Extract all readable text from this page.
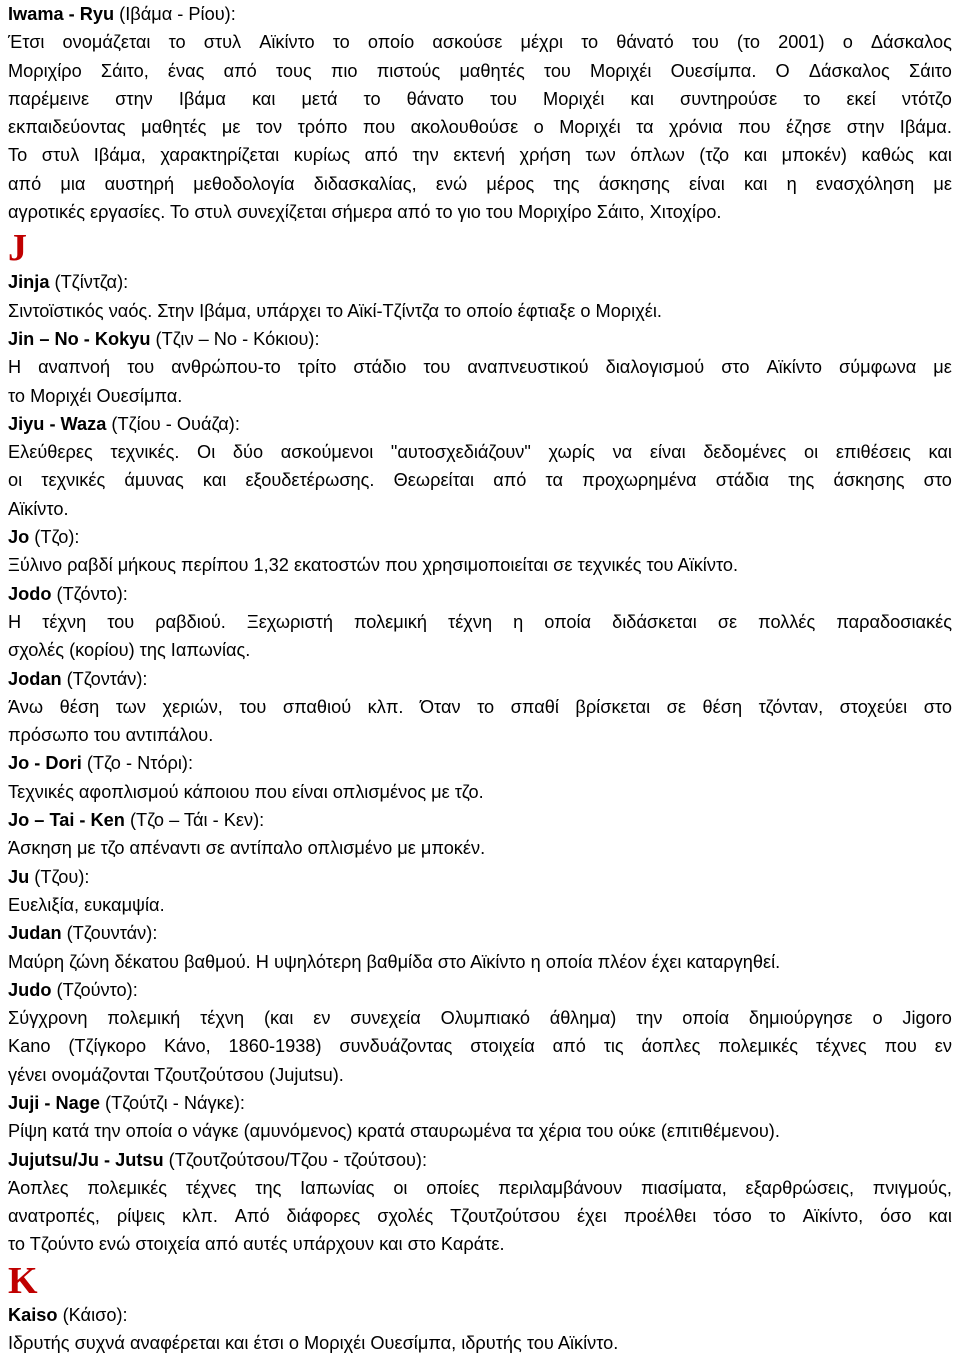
Iwama - Ryu (Ιβάμα - Ρίου):
Έτσι ονομάζεται το στυλ Αϊκίντο το οποίο ασκούσε μέχρι το θάνατό του (το 2001) ο Δάσκαλος
Μοριχίρο Σάιτο, ένας από τους πιο πιστούς μαθητές του Μοριχέι Ουεσίμπα. Ο Δάσκαλος Σάιτο
παρέμεινε στην Ιβάμα και μετά το θάνατο του Μοριχέι και συντηρούσε το εκεί ντότζο
εκπαιδεύοντας μαθητές με τον τρόπο που ακολουθούσε ο Μοριχέι τα χρόνια που έζησε στην Ιβάμα.
Το στυλ Ιβάμα, χαρακτηρίζεται κυρίως από την εκτενή χρήση των όπλων (τζο και μποκέν) καθώς και
από μια αυστηρή μεθοδολογία διδασκαλίας, ενώ μέρος της άσκησης είναι και η ενασχόληση με
αγροτικές εργασίες. Το στυλ συνεχίζεται σήμερα από το γιο του Μοριχίρο Σάιτο, Χιτοχίρο.
J
Jinja (Τζίντζα):
Σιντοϊστικός ναός. Στην Ιβάμα, υπάρχει το Αϊκί-Τζίντζα το οποίο έφτιαξε ο Μοριχέι.
Jin – No - Kokyu (Τζιν – Νο - Κόκιου):
Η αναπνοή του ανθρώπου-το τρίτο στάδιο του αναπνευστικού διαλογισμού στο Αϊκίντο σύμφωνα με
το Μοριχέι Ουεσίμπα.
Jiyu - Waza (Τζίου - Ουάζα):
Ελεύθερες τεχνικές. Οι δύο ασκούμενοι "αυτοσχεδιάζουν" χωρίς να είναι δεδομένες οι επιθέσεις και
οι τεχνικές άμυνας και εξουδετέρωσης. Θεωρείται από τα προχωρημένα στάδια της άσκησης στο
Αϊκίντο.
Jo (Τζο):
Ξύλινο ραβδί μήκους περίπου 1,32 εκατοστών που χρησιμοποιείται σε τεχνικές του Αϊκίντο.
Jodo (Τζόντο):
Η τέχνη του ραβδιού. Ξεχωριστή πολεμική τέχνη η οποία διδάσκεται σε πολλές παραδοσιακές
σχολές (κορίου) της Ιαπωνίας.
Jodan (Τζοντάν):
Άνω θέση των χεριών, του σπαθιού κλπ. Όταν το σπαθί βρίσκεται σε θέση τζόνταν, στοχεύει στο
πρόσωπο του αντιπάλου.
Jo - Dori (Τζο - Ντόρι):
Τεχνικές αφοπλισμού κάποιου που είναι οπλισμένος με τζο.
Jo – Tai - Ken (Τζο – Τάι - Κεν):
Άσκηση με τζο απέναντι σε αντίπαλο οπλισμένο με μποκέν.
Ju (Τζου):
Ευελιξία, ευκαμψία.
Judan (Τζουντάν):
Μαύρη ζώνη δέκατου βαθμού. Η υψηλότερη βαθμίδα στο Αϊκίντο η οποία πλέον έχει καταργηθεί.
Judo (Τζούντο):
Σύγχρονη πολεμική τέχνη (και εν συνεχεία Ολυμπιακό άθλημα) την οποία δημιούργησε ο Jigoro
Kano (Τζίγκορο Κάνο, 1860-1938) συνδυάζοντας στοιχεία από τις άοπλες πολεμικές τέχνες που εν
γένει ονομάζονται Τζουτζούτσου (Jujutsu).
Juji - Nage (Τζούτζι - Νάγκε):
Ρίψη κατά την οποία ο νάγκε (αμυνόμενος) κρατά σταυρωμένα τα χέρια του ούκε (επιτιθέμενου).
Jujutsu/Ju - Jutsu (Τζουτζούτσου/Τζου - τζούτσου):
Άοπλες πολεμικές τέχνες της Ιαπωνίας οι οποίες περιλαμβάνουν πιασίματα, εξαρθρώσεις, πνιγμούς,
ανατροπές, ρίψεις κλπ. Από διάφορες σχολές Τζουτζούτσου έχει προέλθει τόσο το Αϊκίντο, όσο και
το Τζούντο ενώ στοιχεία από αυτές υπάρχουν και στο Καράτε.
K
Kaiso (Κάισο):
Ιδρυτής συχνά αναφέρεται και έτσι ο Μοριχέι Ουεσίμπα, ιδρυτής του Αϊκίντο.
